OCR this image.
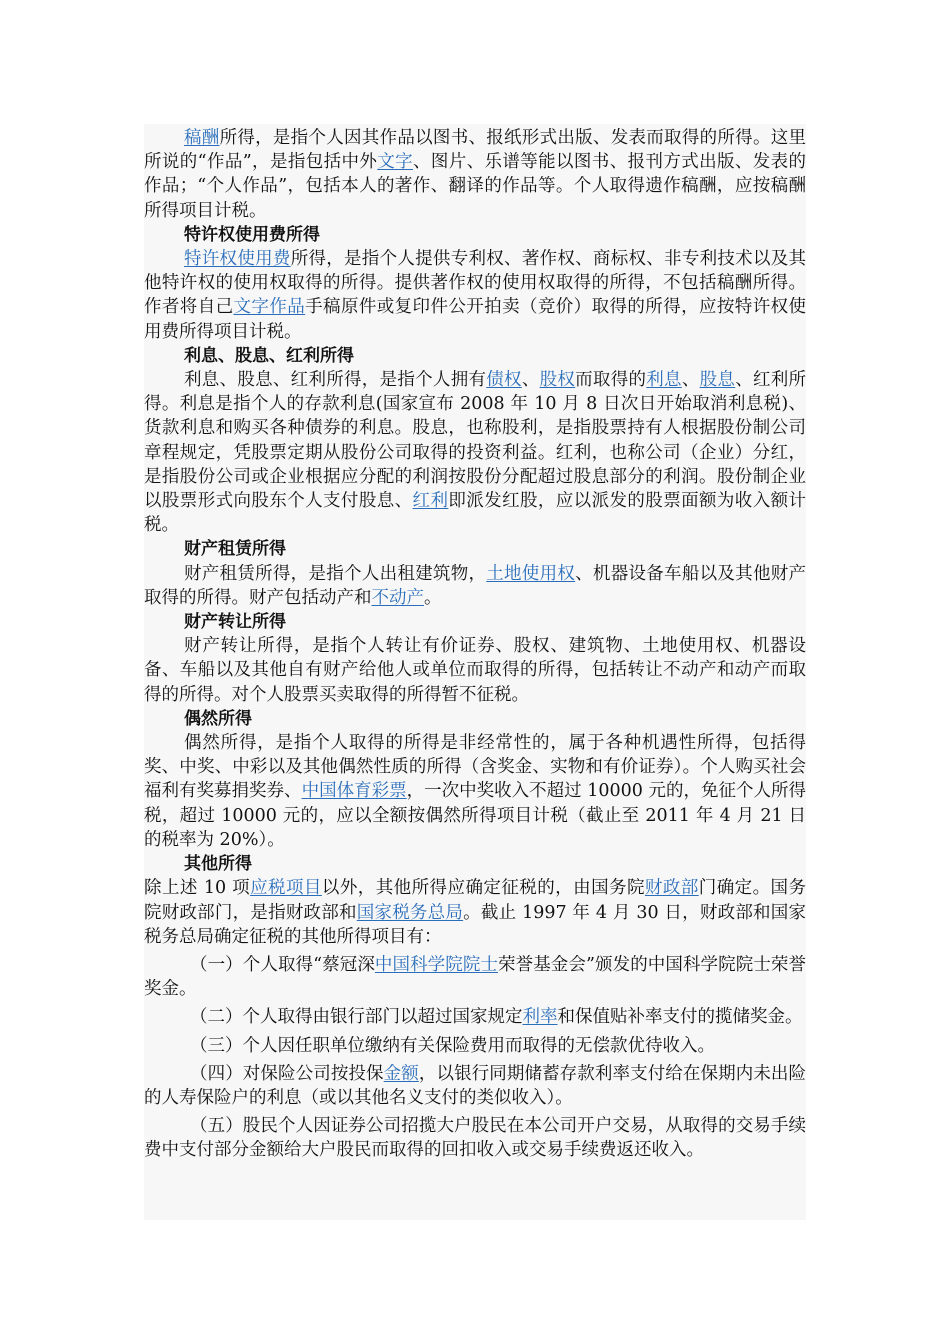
稿酬所得，是指个人因其作品以图书、报纸形式出版、发表而取得的所得。这里所说的“作品”，是指包括中外文字、图片、乐谱等能以图书、报刊方式出版、发表的作品；“个人作品”，包括本人的著作、翻译的作品等。个人取得遗作稿酬，应按稿酬所得项目计税。

特许权使用费所得

特许权使用费所得，是指个人提供专利权、著作权、商标权、非专利技术以及其他特许权的使用权取得的所得。提供著作权的使用权取得的所得，不包括稿酬所得。作者将自己文字作品手稿原件或复印件公开拍卖（竞价）取得的所得，应按特许权使用费所得项目计税。

利息、股息、红利所得

利息、股息、红利所得，是指个人拥有债权、股权而取得的利息、股息、红利所得。利息是指个人的存款利息(国家宣布 2008 年 10 月 8 日次日开始取消利息税)、货款利息和购买各种债券的利息。股息，也称股利，是指股票持有人根据股份制公司章程规定，凭股票定期从股份公司取得的投资利益。红利，也称公司（企业）分红，是指股份公司或企业根据应分配的利润按股份分配超过股息部分的利润。股份制企业以股票形式向股东个人支付股息、红利即派发红股，应以派发的股票面额为收入额计税。

财产租赁所得

财产租赁所得，是指个人出租建筑物，土地使用权、机器设备车船以及其他财产取得的所得。财产包括动产和不动产。

财产转让所得

财产转让所得，是指个人转让有价证券、股权、建筑物、土地使用权、机器设备、车船以及其他自有财产给他人或单位而取得的所得，包括转让不动产和动产而取得的所得。对个人股票买卖取得的所得暂不征税。

偶然所得

偶然所得，是指个人取得的所得是非经常性的，属于各种机遇性所得，包括得奖、中奖、中彩以及其他偶然性质的所得（含奖金、实物和有价证券）。个人购买社会福利有奖募捐奖券、中国体育彩票，一次中奖收入不超过 10000 元的，免征个人所得税，超过 10000 元的，应以全额按偶然所得项目计税（截止至 2011 年 4 月 21 日的税率为 20%）。

其他所得

除上述 10 项应税项目以外，其他所得应确定征税的，由国务院财政部门确定。国务院财政部门，是指财政部和国家税务总局。截止 1997 年 4 月 30 日，财政部和国家税务总局确定征税的其他所得项目有：

（一）个人取得“蔡冠深中国科学院院士荣誉基金会”颁发的中国科学院院士荣誉奖金。

（二）个人取得由银行部门以超过国家规定利率和保值贴补率支付的揽储奖金。

（三）个人因任职单位缴纳有关保险费用而取得的无偿款优待收入。

（四）对保险公司按投保金额，以银行同期储蓄存款利率支付给在保期内未出险的人寿保险户的利息（或以其他名义支付的类似收入）。

（五）股民个人因证券公司招揽大户股民在本公司开户交易，从取得的交易手续费中支付部分金额给大户股民而取得的回扣收入或交易手续费返还收入。
